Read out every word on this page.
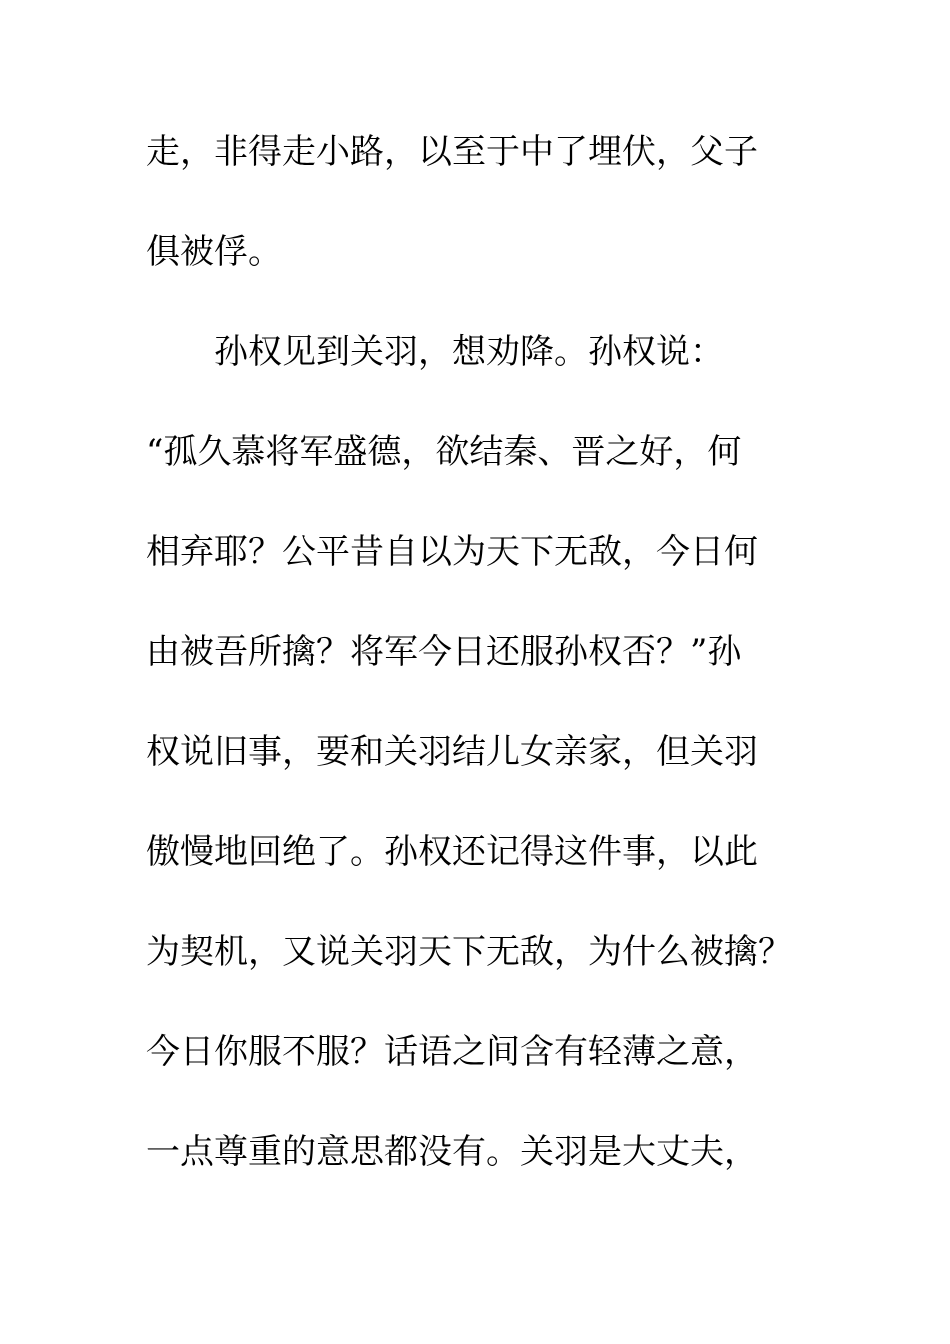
走，非得走小路，以至于中了埋伏，父子
俱被俘。
　　孙权见到关羽，想劝降。孙权说：
“孤久慕将军盛德，欲结秦、晋之好，何
相弃耶？公平昔自以为天下无敌，今日何
由被吾所擒？将军今日还服孙权否？”孙
权说旧事，要和关羽结儿女亲家，但关羽
傲慢地回绝了。孙权还记得这件事，以此
为契机，又说关羽天下无敌，为什么被擒？
今日你服不服？话语之间含有轻薄之意，
一点尊重的意思都没有。关羽是大丈夫，
